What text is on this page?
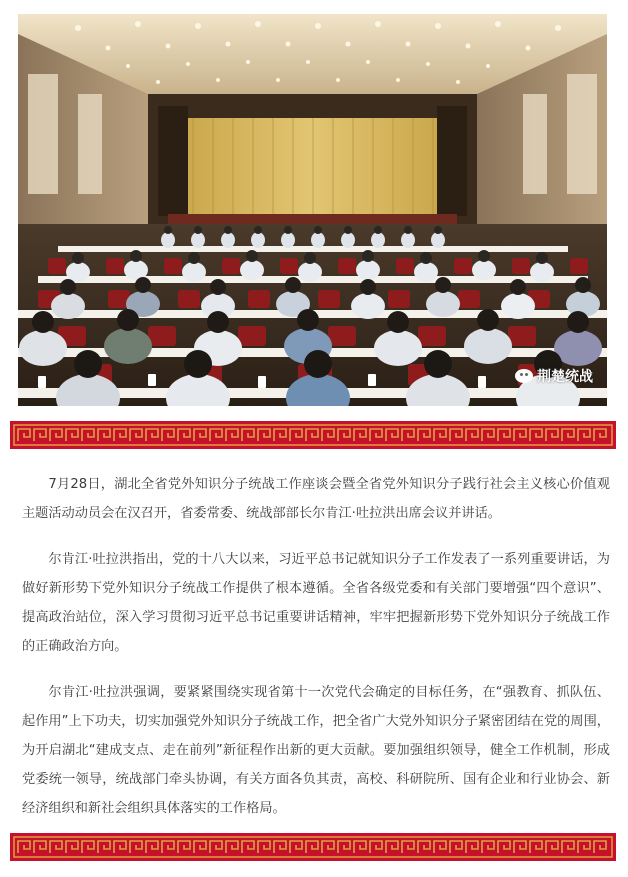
荆楚统战

7月28日，湖北全省党外知识分子统战工作座谈会暨全省党外知识分子践行社会主义核心价值观主题活动动员会在汉召开，省委常委、统战部部长尔肯江·吐拉洪出席会议并讲话。

尔肯江·吐拉洪指出，党的十八大以来，习近平总书记就知识分子工作发表了一系列重要讲话，为做好新形势下党外知识分子统战工作提供了根本遵循。全省各级党委和有关部门要增强“四个意识”、提高政治站位，深入学习贯彻习近平总书记重要讲话精神，牢牢把握新形势下党外知识分子统战工作的正确政治方向。

尔肯江·吐拉洪强调，要紧紧围绕实现省第十一次党代会确定的目标任务，在“强教育、抓队伍、起作用”上下功夫，切实加强党外知识分子统战工作，把全省广大党外知识分子紧密团结在党的周围，为开启湖北“建成支点、走在前列”新征程作出新的更大贡献。要加强组织领导，健全工作机制，形成党委统一领导，统战部门牵头协调，有关方面各负其责，高校、科研院所、国有企业和行业协会、新经济组织和新社会组织具体落实的工作格局。
